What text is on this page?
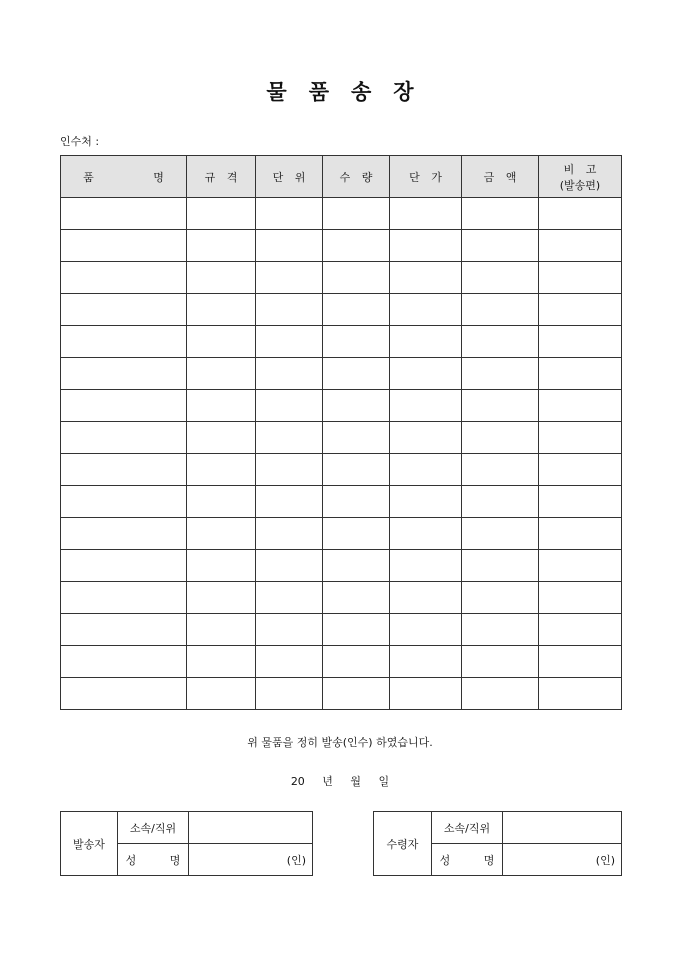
물 품 송 장
인수처 :
품 명	규 격	단 위	수 량	단 가	금 액	비 고
(발송편)

위 물품을 정히 발송(인수) 하였습니다.
20 년 월 일
발송자	소속/직위	
	성 명	(인)
수령자	소속/직위	
	성 명	(인)
